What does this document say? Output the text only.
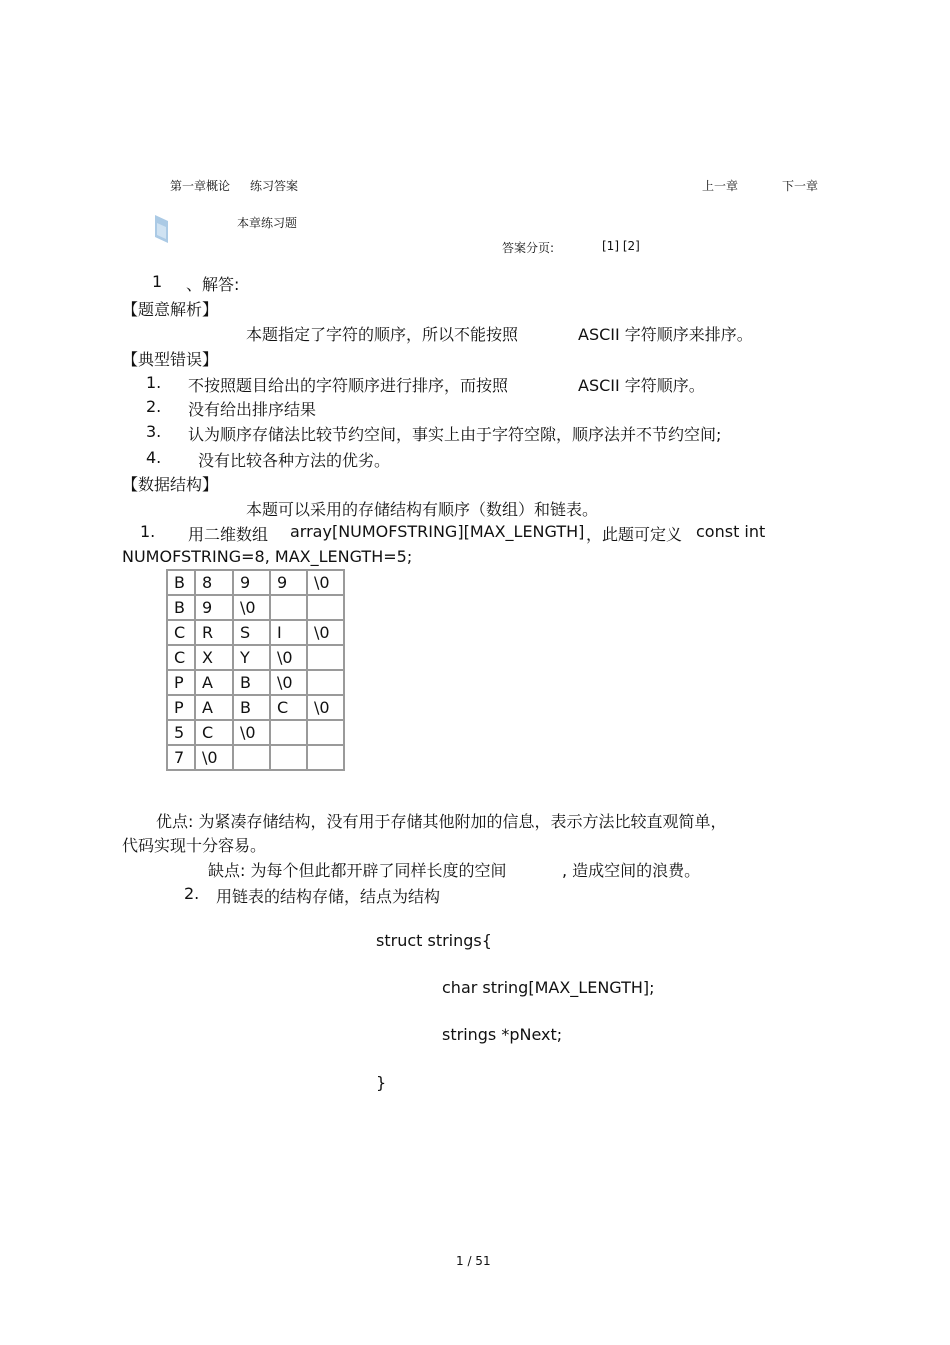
第一章概论 练习答案	上一章	下一章
本章练习题
答案分页:	[1] [2]
1 、解答:
【题意解析】
本题指定了字符的顺序，所以不能按照	ASCII 字符顺序来排序。
【典型错误】
1. 不按照题目给出的字符顺序进行排序，而按照	ASCII 字符顺序。
2. 没有给出排序结果
3. 认为顺序存储法比较节约空间，事实上由于字符空隙，顺序法并不节约空间;
4. 没有比较各种方法的优劣。
【数据结构】
本题可以采用的存储结构有顺序（数组）和链表。
1. 用二维数组 array[NUMOFSTRING][MAX_LENGTH] ，此题可定义 const int
NUMOFSTRING=8, MAX_LENGTH=5;
B	8	9	9	\0
B	9	\0		
C	R	S	I	\0
C	X	Y	\0	
P	A	B	\0	
P	A	B	C	\0
5	C	\0		
7	\0			
优点: 为紧凑存储结构，没有用于存储其他附加的信息，表示方法比较直观简单，
代码实现十分容易。
缺点: 为每个但此都开辟了同样长度的空间	, 造成空间的浪费。
2. 用链表的结构存储，结点为结构
struct strings{
char string[MAX_LENGTH];
strings *pNext;
}
1 / 51
